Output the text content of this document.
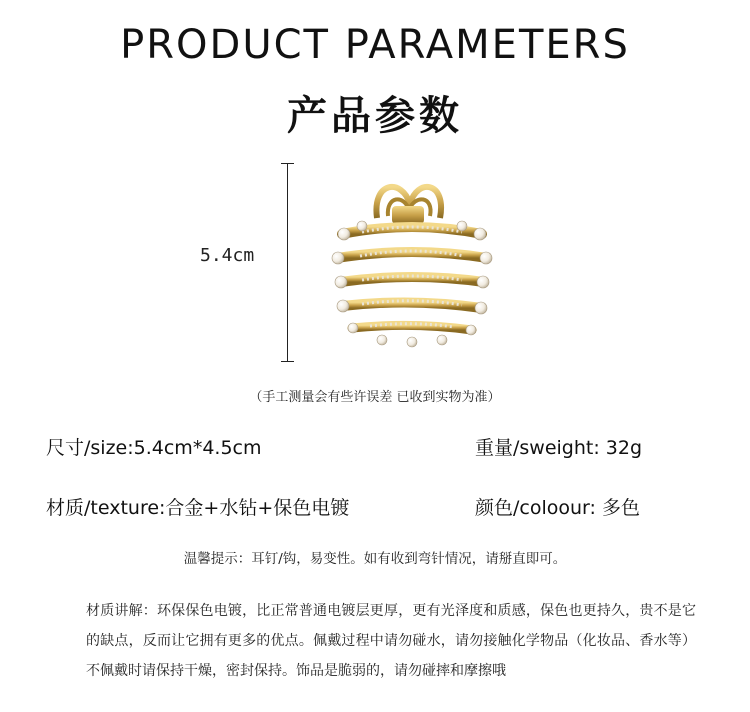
PRODUCT PARAMETERS
产品参数
5.4cm
（手工测量会有些许误差 已收到实物为准）
尺寸/size:5.4cm*4.5cm	重量/sweight: 32g
材质/texture:合金+水钻+保色电镀	颜色/coloour: 多色
温馨提示：耳钉/钩，易变性。如有收到弯针情况，请掰直即可。
材质讲解：环保保色电镀，比正常普通电镀层更厚，更有光泽度和质感，保色也更持久，贵不是它的缺点，反而让它拥有更多的优点。佩戴过程中请勿碰水，请勿接触化学物品（化妆品、香水等）不佩戴时请保持干燥，密封保持。饰品是脆弱的，请勿碰摔和摩擦哦
